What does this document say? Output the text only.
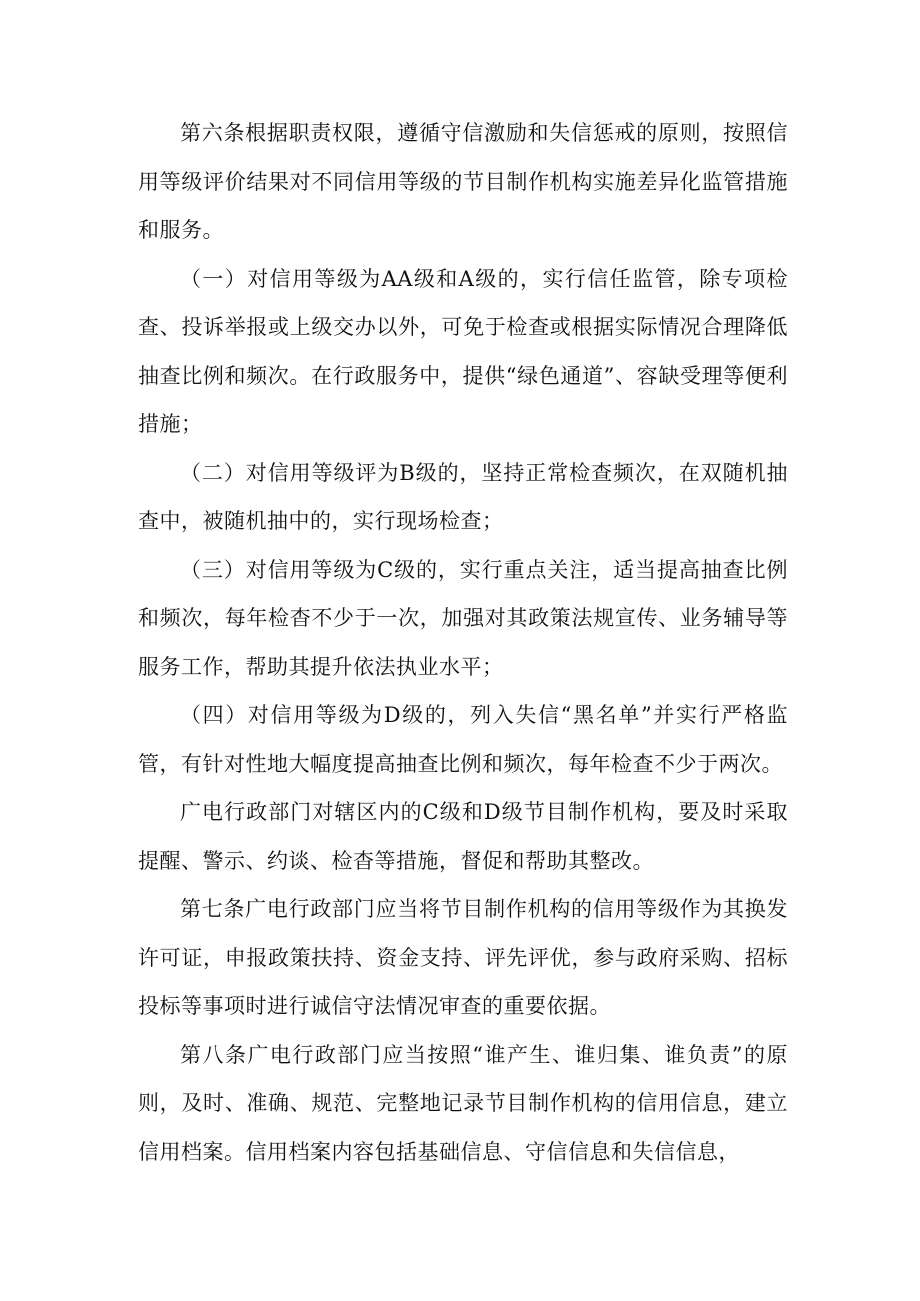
第六条根据职责权限，遵循守信激励和失信惩戒的原则，按照信用等级评价结果对不同信用等级的节目制作机构实施差异化监管措施和服务。

（一）对信用等级为AA级和A级的，实行信任监管，除专项检查、投诉举报或上级交办以外，可免于检查或根据实际情况合理降低抽查比例和频次。在行政服务中，提供“绿色通道”、容缺受理等便利措施；

（二）对信用等级评为B级的，坚持正常检查频次，在双随机抽查中，被随机抽中的，实行现场检查；

（三）对信用等级为C级的，实行重点关注，适当提高抽查比例和频次，每年检杳不少于一次，加强对其政策法规宣传、业务辅导等服务工作，帮助其提升依法执业水平；

（四）对信用等级为D级的，列入失信“黑名单”并实行严格监管，有针对性地大幅度提高抽查比例和频次，每年检查不少于两次。

广电行政部门对辖区内的C级和D级节目制作机构，要及时采取提醒、警示、约谈、检杳等措施，督促和帮助其整改。

第七条广电行政部门应当将节目制作机构的信用等级作为其换发许可证，申报政策扶持、资金支持、评先评优，参与政府采购、招标投标等事项时进行诚信守法情况审查的重要依据。

第八条广电行政部门应当按照“谁产生、谁归集、谁负责”的原则，及时、准确、规范、完整地记录节目制作机构的信用信息，建立信用档案。信用档案内容包括基础信息、守信信息和失信信息，
